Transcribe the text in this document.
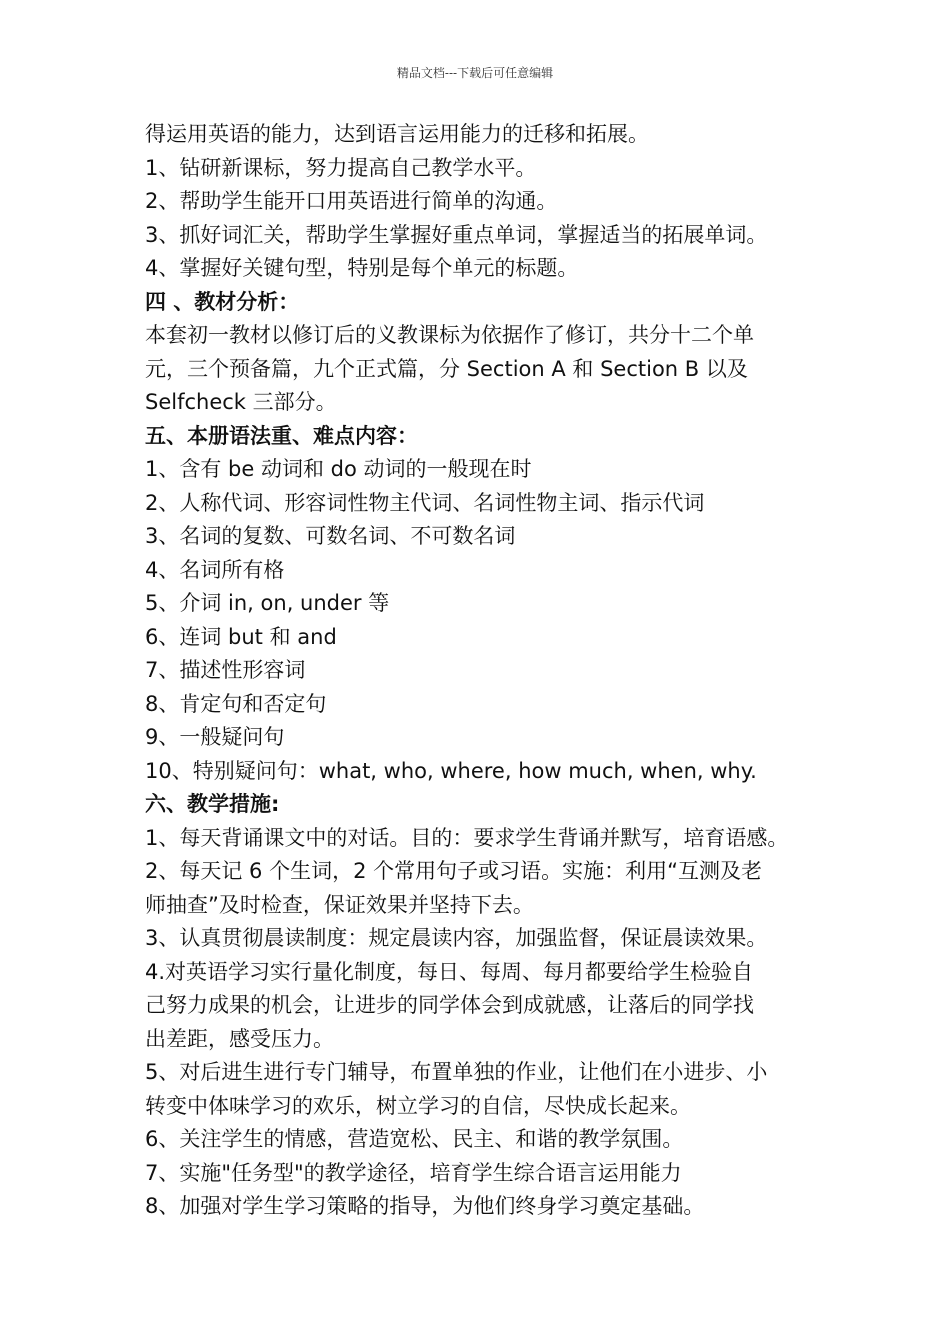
精品文档---下载后可任意编辑
得运用英语的能力，达到语言运用能力的迁移和拓展。
1、钻研新课标，努力提高自己教学水平。
2、帮助学生能开口用英语进行简单的沟通。
3、抓好词汇关，帮助学生掌握好重点单词，掌握适当的拓展单词。
4、掌握好关键句型，特别是每个单元的标题。
四 、教材分析：
本套初一教材以修订后的义教课标为依据作了修订，共分十二个单
元，三个预备篇，九个正式篇，分 Section A 和 Section B 以及
Selfcheck 三部分。
五、本册语法重、难点内容：
1、含有 be 动词和 do 动词的一般现在时
2、人称代词、形容词性物主代词、名词性物主词、指示代词
3、名词的复数、可数名词、不可数名词
4、名词所有格
5、介词 in, on, under 等
6、连词 but 和 and
7、描述性形容词
8、肯定句和否定句
9、一般疑问句
10、特别疑问句：what, who, where, how much, when, why.
六、教学措施:
1、每天背诵课文中的对话。目的：要求学生背诵并默写，培育语感。
2、每天记 6 个生词，2 个常用句子或习语。实施：利用“互测及老
师抽查”及时检查，保证效果并坚持下去。
3、认真贯彻晨读制度：规定晨读内容，加强监督，保证晨读效果。
4.对英语学习实行量化制度，每日、每周、每月都要给学生检验自
己努力成果的机会，让进步的同学体会到成就感，让落后的同学找
出差距，感受压力。
5、对后进生进行专门辅导，布置单独的作业，让他们在小进步、小
转变中体味学习的欢乐，树立学习的自信，尽快成长起来。
6、关注学生的情感，营造宽松、民主、和谐的教学氛围。
7、实施"任务型"的教学途径，培育学生综合语言运用能力
8、加强对学生学习策略的指导，为他们终身学习奠定基础。
